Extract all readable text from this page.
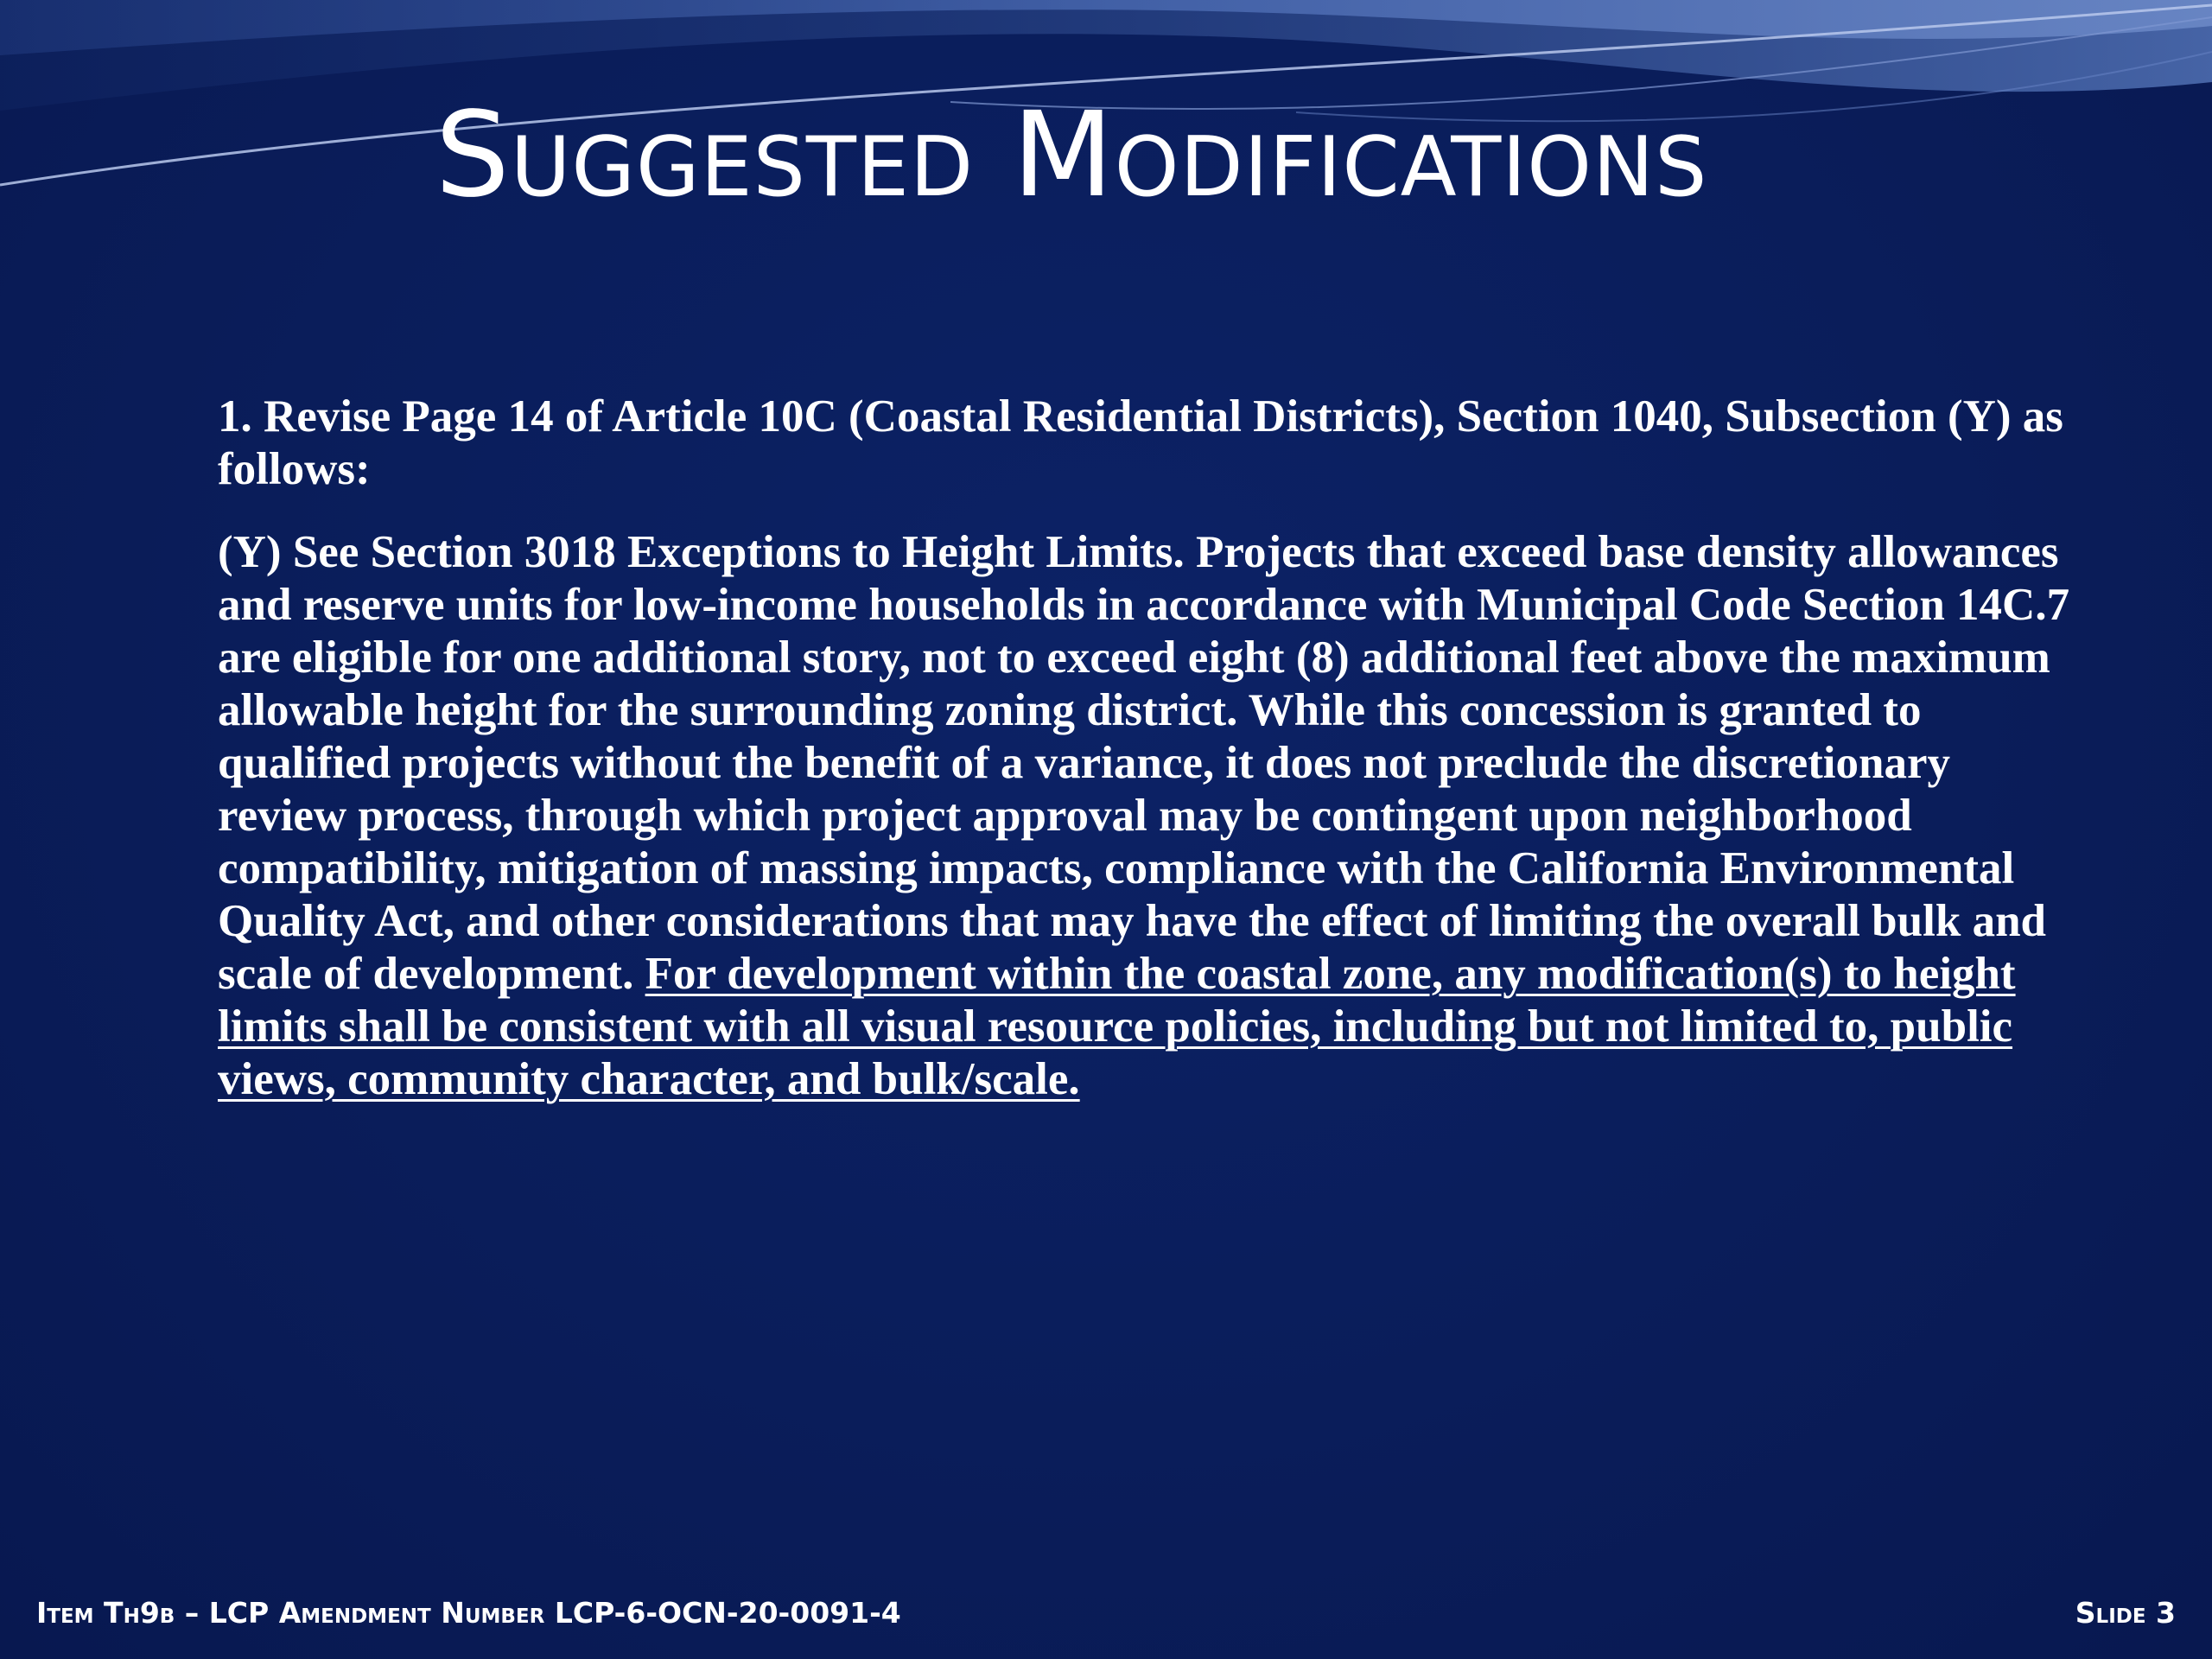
Suggested Modifications

1. Revise Page 14 of Article 10C (Coastal Residential Districts), Section 1040, Subsection (Y) as follows:

(Y) See Section 3018 Exceptions to Height Limits. Projects that exceed base density allowances and reserve units for low-income households in accordance with Municipal Code Section 14C.7 are eligible for one additional story, not to exceed eight (8) additional feet above the maximum allowable height for the surrounding zoning district. While this concession is granted to qualified projects without the benefit of a variance, it does not preclude the discretionary review process, through which project approval may be contingent upon neighborhood compatibility, mitigation of massing impacts, compliance with the California Environmental Quality Act, and other considerations that may have the effect of limiting the overall bulk and scale of development. For development within the coastal zone, any modification(s) to height limits shall be consistent with all visual resource policies, including but not limited to, public views, community character, and bulk/scale.

Item Th9b – LCP Amendment Number LCP-6-OCN-20-0091-4	Slide 3
